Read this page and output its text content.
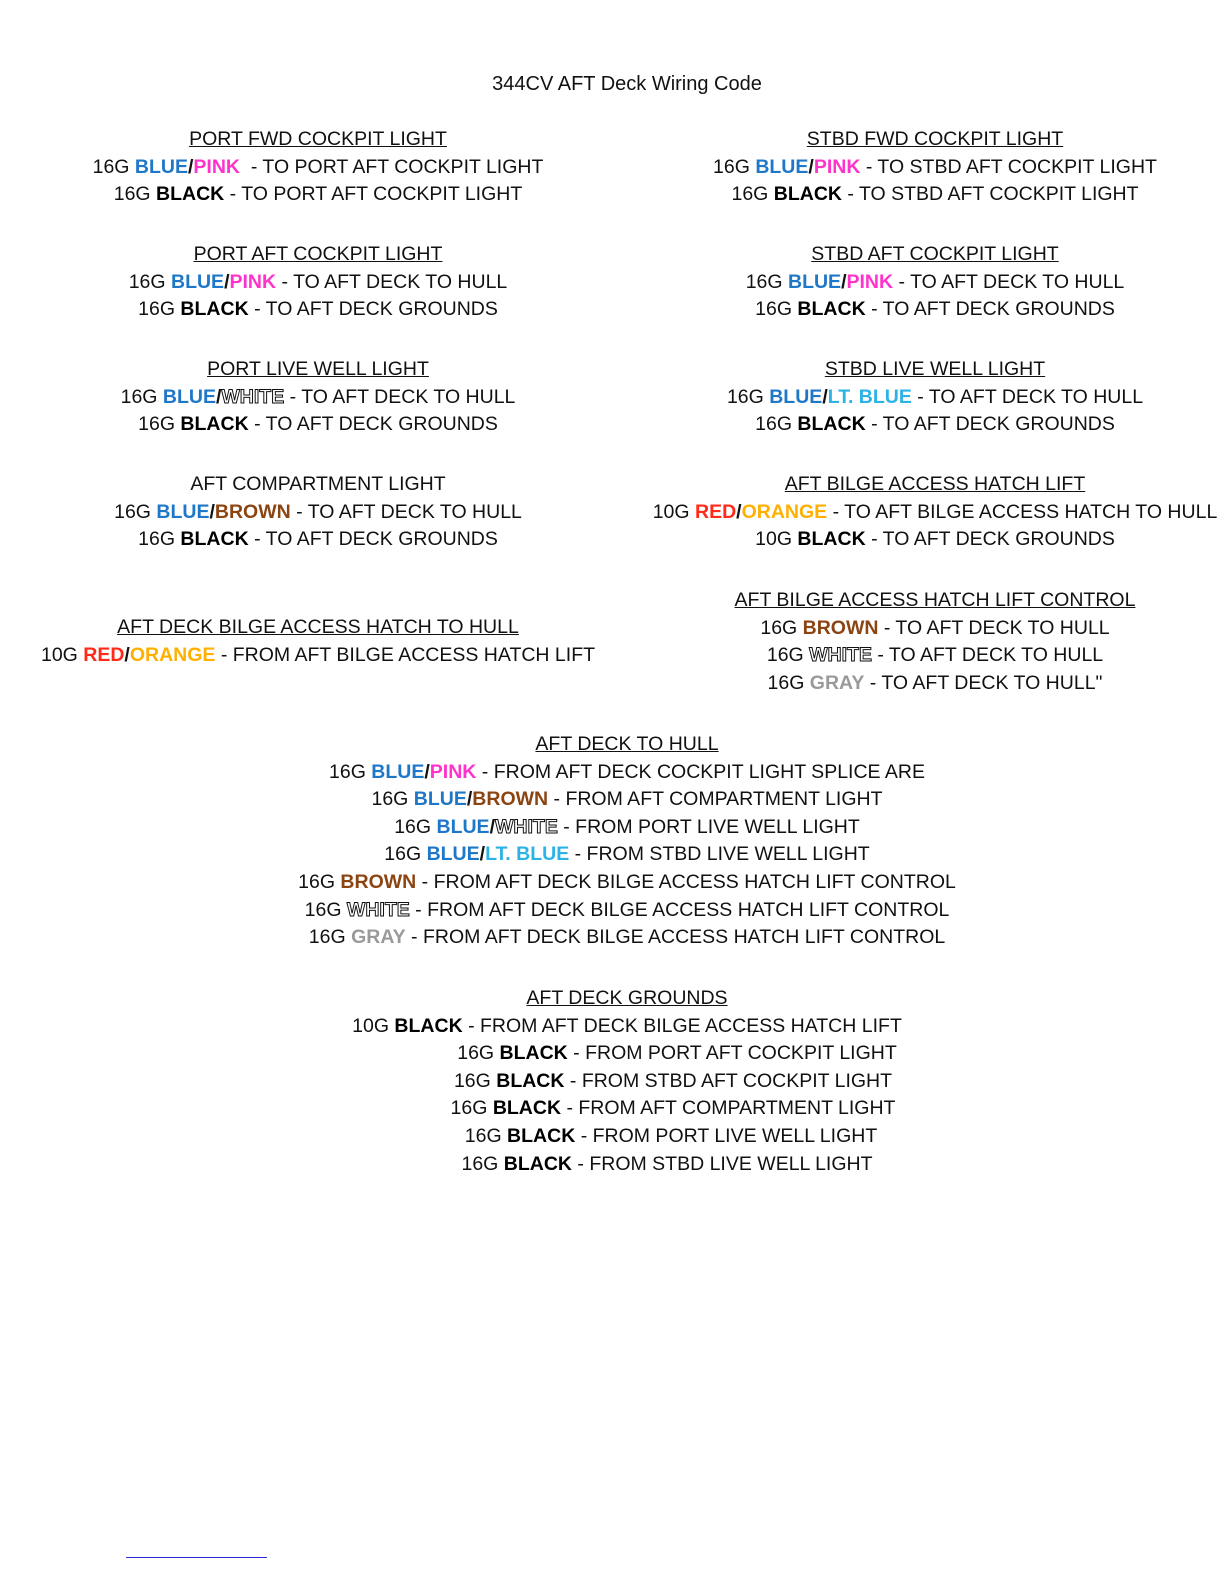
344CV AFT Deck Wiring Code
PORT FWD COCKPIT LIGHT
16G BLUE/PINK  - TO PORT AFT COCKPIT LIGHT
16G BLACK - TO PORT AFT COCKPIT LIGHT
STBD FWD COCKPIT LIGHT
16G BLUE/PINK - TO STBD AFT COCKPIT LIGHT
16G BLACK - TO STBD AFT COCKPIT LIGHT
PORT AFT COCKPIT LIGHT
16G BLUE/PINK - TO AFT DECK TO HULL
16G BLACK - TO AFT DECK GROUNDS
STBD AFT COCKPIT LIGHT
16G BLUE/PINK - TO AFT DECK TO HULL
16G BLACK - TO AFT DECK GROUNDS
PORT LIVE WELL LIGHT
16G BLUE/WHITE - TO AFT DECK TO HULL
16G BLACK - TO AFT DECK GROUNDS
STBD LIVE WELL LIGHT
16G BLUE/LT. BLUE - TO AFT DECK TO HULL
16G BLACK - TO AFT DECK GROUNDS
AFT COMPARTMENT LIGHT
16G BLUE/BROWN - TO AFT DECK TO HULL
16G BLACK - TO AFT DECK GROUNDS
AFT BILGE ACCESS HATCH LIFT
10G RED/ORANGE - TO AFT BILGE ACCESS HATCH TO HULL
10G BLACK - TO AFT DECK GROUNDS
AFT DECK BILGE ACCESS HATCH TO HULL
10G RED/ORANGE - FROM AFT BILGE ACCESS HATCH LIFT
AFT BILGE ACCESS HATCH LIFT CONTROL
16G BROWN - TO AFT DECK TO HULL
16G WHITE - TO AFT DECK TO HULL
16G GRAY - TO AFT DECK TO HULL"
AFT DECK TO HULL
16G BLUE/PINK - FROM AFT DECK COCKPIT LIGHT SPLICE ARE
16G BLUE/BROWN - FROM AFT COMPARTMENT LIGHT
16G BLUE/WHITE - FROM PORT LIVE WELL LIGHT
16G BLUE/LT. BLUE - FROM STBD LIVE WELL LIGHT
16G BROWN - FROM AFT DECK BILGE ACCESS HATCH LIFT CONTROL
16G WHITE - FROM AFT DECK BILGE ACCESS HATCH LIFT CONTROL
16G GRAY - FROM AFT DECK BILGE ACCESS HATCH LIFT CONTROL
AFT DECK GROUNDS
10G BLACK - FROM AFT DECK BILGE ACCESS HATCH LIFT
16G BLACK - FROM PORT AFT COCKPIT LIGHT
16G BLACK - FROM STBD AFT COCKPIT LIGHT
16G BLACK - FROM AFT COMPARTMENT LIGHT
16G BLACK - FROM PORT LIVE WELL LIGHT
16G BLACK - FROM STBD LIVE WELL LIGHT
